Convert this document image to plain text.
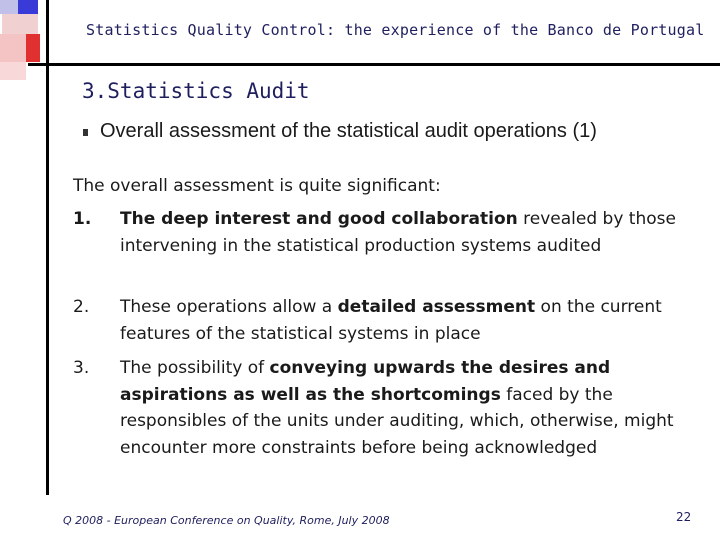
Statistics Quality Control: the experience of the Banco de Portugal
3.Statistics Audit
Overall assessment of the statistical audit operations (1)
The overall assessment is quite significant:
1. The deep interest and good collaboration revealed by those intervening in the statistical production systems audited
2. These operations allow a detailed assessment on the current features of the statistical systems in place
3. The possibility of conveying upwards the desires and aspirations as well as the shortcomings faced by the responsibles of the units under auditing, which, otherwise, might encounter more constraints before being acknowledged
Q 2008 - European Conference on Quality, Rome, July 2008	22
